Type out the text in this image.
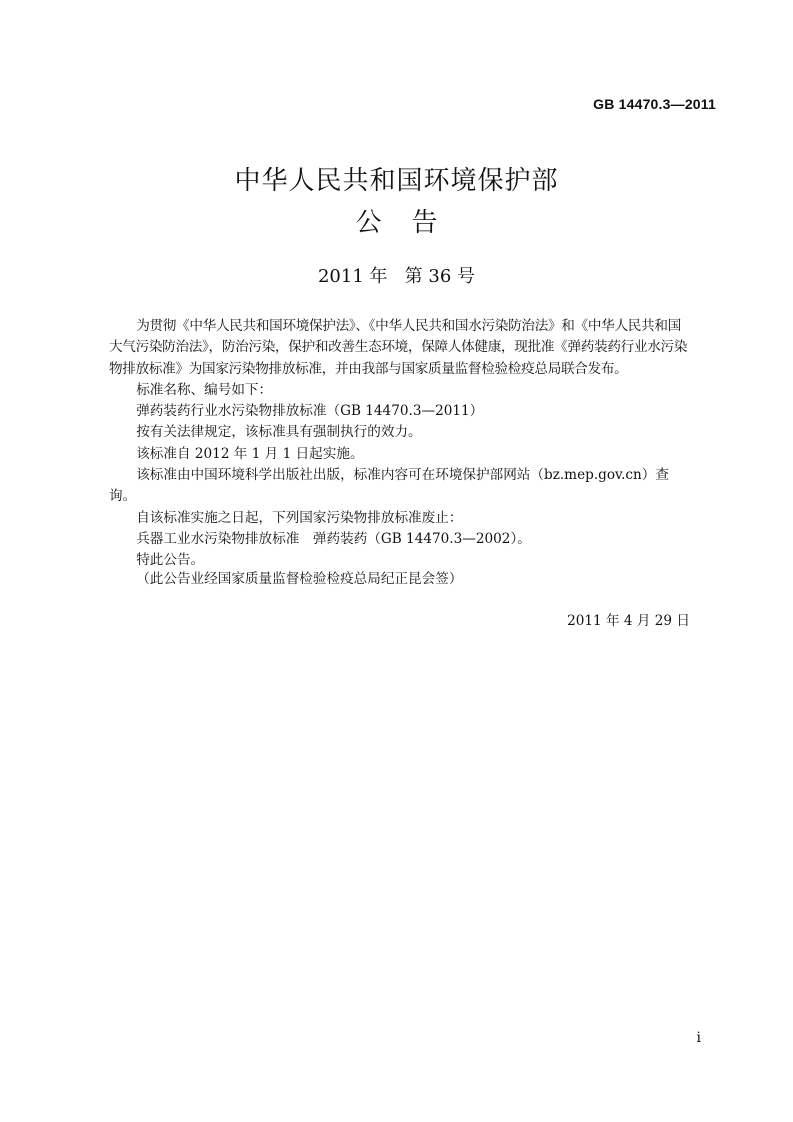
GB 14470.3—2011
中华人民共和国环境保护部
公告
2011 年   第 36 号

为贯彻《中华人民共和国环境保护法》、《中华人民共和国水污染防治法》和《中华人民共和国大气污染防治法》，防治污染，保护和改善生态环境，保障人体健康，现批准《弹药装药行业水污染物排放标准》为国家污染物排放标准，并由我部与国家质量监督检验检疫总局联合发布。

标准名称、编号如下：

弹药装药行业水污染物排放标准（GB 14470.3—2011）

按有关法律规定，该标准具有强制执行的效力。

该标准自 2012 年 1 月 1 日起实施。

该标准由中国环境科学出版社出版，标准内容可在环境保护部网站（bz.mep.gov.cn）查询。

自该标准实施之日起，下列国家污染物排放标准废止：

兵器工业水污染物排放标准　弹药装药（GB 14470.3—2002）。

特此公告。

（此公告业经国家质量监督检验检疫总局纪正昆会签）
2011 年 4 月 29 日
i
